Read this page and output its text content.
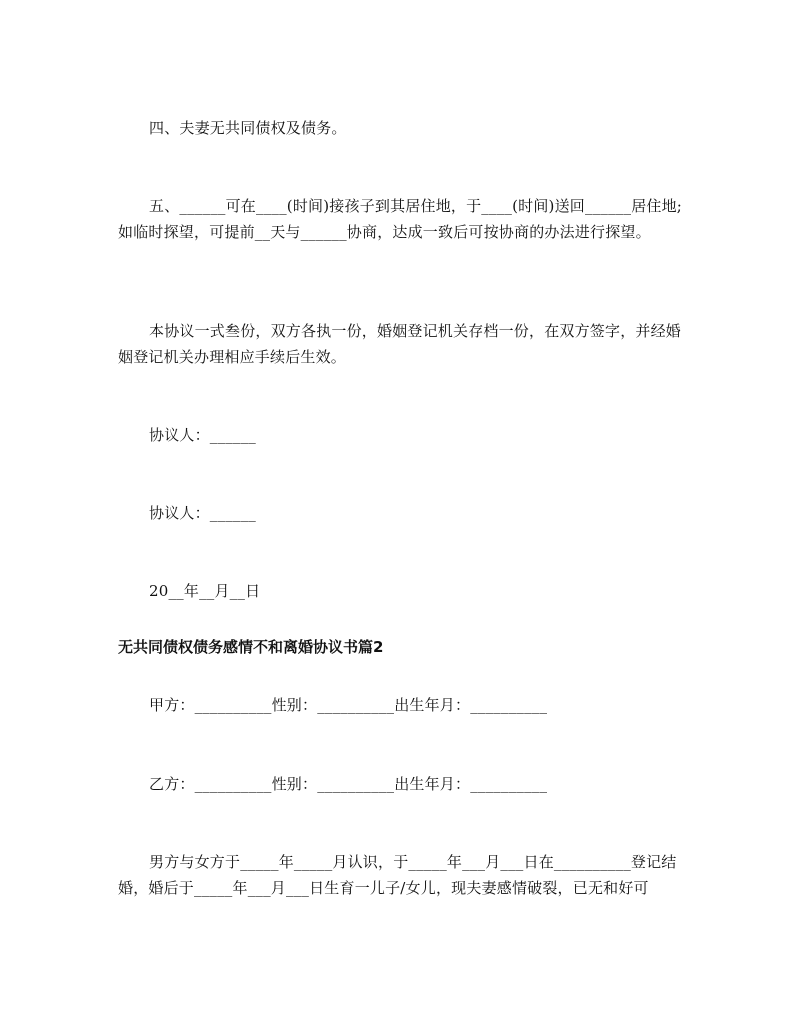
四、夫妻无共同债权及债务。

五、______可在____(时间)接孩子到其居住地，于____(时间)送回______居住地;如临时探望，可提前__天与______协商，达成一致后可按协商的办法进行探望。

本协议一式叁份，双方各执一份，婚姻登记机关存档一份，在双方签字，并经婚姻登记机关办理相应手续后生效。

协议人：______

协议人：______

20__年__月__日

无共同债权债务感情不和离婚协议书篇2

甲方：__________性别：__________出生年月：__________

乙方：__________性别：__________出生年月：__________

男方与女方于_____年_____月认识，于_____年___月___日在__________登记结婚，婚后于_____年___月___日生育一儿子/女儿，现夫妻感情破裂，已无和好可
